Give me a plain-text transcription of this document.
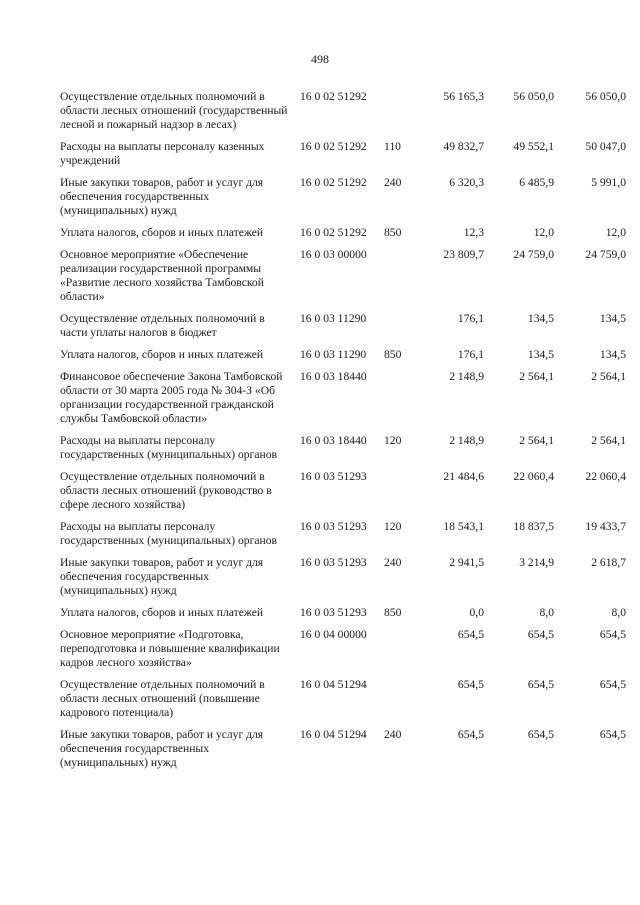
498
Осуществление отдельных полномочий в области лесных отношений (государственный лесной и пожарный надзор в лесах)	16 0 02 51292		56 165,3	56 050,0	56 050,0
Расходы на выплаты персоналу казенных учреждений	16 0 02 51292	110	49 832,7	49 552,1	50 047,0
Иные закупки товаров, работ и услуг для обеспечения государственных (муниципальных) нужд	16 0 02 51292	240	6 320,3	6 485,9	5 991,0
Уплата налогов, сборов и иных платежей	16 0 02 51292	850	12,3	12,0	12,0
Основное мероприятие «Обеспечение реализации государственной программы «Развитие лесного хозяйства Тамбовской области»	16 0 03 00000		23 809,7	24 759,0	24 759,0
Осуществление отдельных полномочий в части уплаты налогов в бюджет	16 0 03 11290		176,1	134,5	134,5
Уплата налогов, сборов и иных платежей	16 0 03 11290	850	176,1	134,5	134,5
Финансовое обеспечение Закона Тамбовской области от 30 марта 2005 года № 304-З «Об организации государственной гражданской службы Тамбовской области»	16 0 03 18440		2 148,9	2 564,1	2 564,1
Расходы на выплаты персоналу государственных (муниципальных) органов	16 0 03 18440	120	2 148,9	2 564,1	2 564,1
Осуществление отдельных полномочий в области лесных отношений (руководство в сфере лесного хозяйства)	16 0 03 51293		21 484,6	22 060,4	22 060,4
Расходы на выплаты персоналу государственных (муниципальных) органов	16 0 03 51293	120	18 543,1	18 837,5	19 433,7
Иные закупки товаров, работ и услуг для обеспечения государственных (муниципальных) нужд	16 0 03 51293	240	2 941,5	3 214,9	2 618,7
Уплата налогов, сборов и иных платежей	16 0 03 51293	850	0,0	8,0	8,0
Основное мероприятие «Подготовка, переподготовка и повышение квалификации кадров лесного хозяйства»	16 0 04 00000		654,5	654,5	654,5
Осуществление отдельных полномочий в области лесных отношений (повышение кадрового потенциала)	16 0 04 51294		654,5	654,5	654,5
Иные закупки товаров, работ и услуг для обеспечения государственных (муниципальных) нужд	16 0 04 51294	240	654,5	654,5	654,5
